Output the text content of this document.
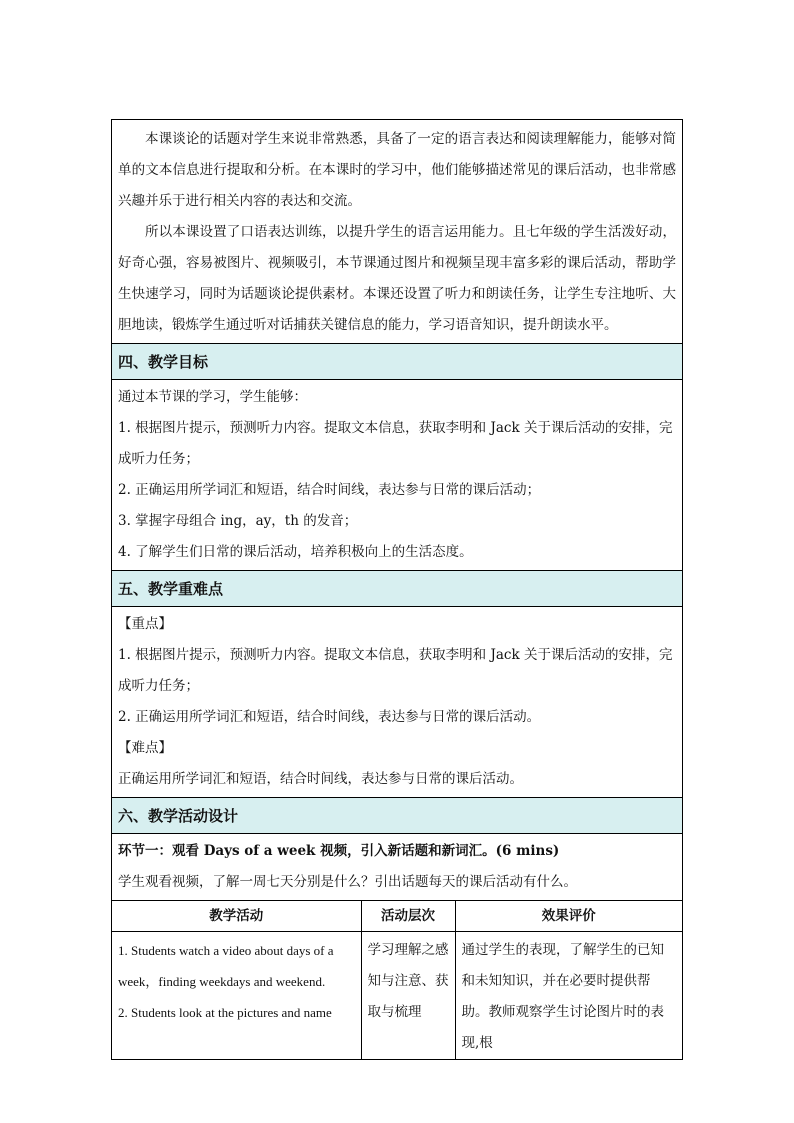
本课谈论的话题对学生来说非常熟悉，具备了一定的语言表达和阅读理解能力，能够对简单的文本信息进行提取和分析。在本课时的学习中，他们能够描述常见的课后活动，也非常感兴趣并乐于进行相关内容的表达和交流。

所以本课设置了口语表达训练，以提升学生的语言运用能力。且七年级的学生活泼好动，好奇心强，容易被图片、视频吸引，本节课通过图片和视频呈现丰富多彩的课后活动，帮助学生快速学习，同时为话题谈论提供素材。本课还设置了听力和朗读任务，让学生专注地听、大胆地读，锻炼学生通过听对话捕获关键信息的能力，学习语音知识，提升朗读水平。

四、教学目标

通过本节课的学习，学生能够：

1. 根据图片提示，预测听力内容。提取文本信息，获取李明和 Jack 关于课后活动的安排，完成听力任务；

2. 正确运用所学词汇和短语，结合时间线，表达参与日常的课后活动；

3. 掌握字母组合 ing，ay，th 的发音；

4. 了解学生们日常的课后活动，培养积极向上的生活态度。

五、教学重难点

【重点】

1. 根据图片提示，预测听力内容。提取文本信息，获取李明和 Jack 关于课后活动的安排，完成听力任务；

2. 正确运用所学词汇和短语，结合时间线，表达参与日常的课后活动。

【难点】

正确运用所学词汇和短语，结合时间线，表达参与日常的课后活动。

六、教学活动设计

环节一：观看 Days of a week 视频，引入新话题和新词汇。(6 mins)

学生观看视频，了解一周七天分别是什么？引出话题每天的课后活动有什么。

教学活动	活动层次	效果评价

1. Students watch a video about days of a week，finding weekdays and weekend.
2. Students look at the pictures and name	学习理解之感知与注意、获取与梳理	通过学生的表现，了解学生的已知和未知知识，并在必要时提供帮助。教师观察学生讨论图片时的表现,根
